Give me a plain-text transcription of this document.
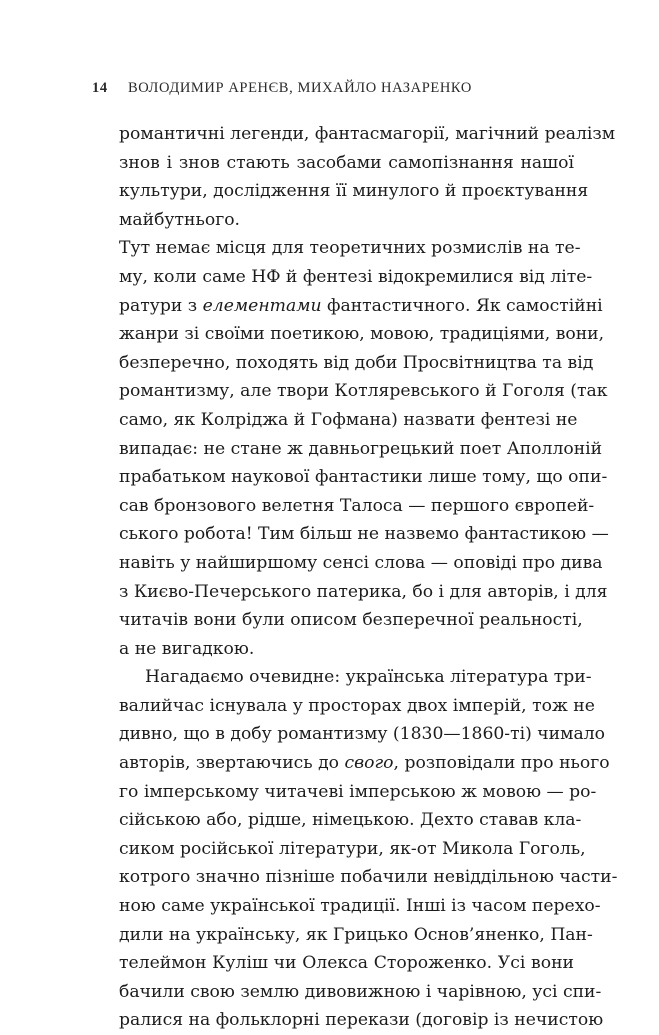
14 ВОЛОДИМИР АРЕНЄВ, МИХАЙЛО НАЗАРЕНКО
романтичні легенди, фантасмагорії, магічний реалізм
знов і знов стають засобами самопізнання нашої
культури, дослідження її минулого й проєктування
майбутнього.
Тут немає місця для теоретичних розмислів на те-
му, коли саме НФ й фентезі відокремилися від літе-
ратури з елементами фантастичного. Як самостійні
жанри зі своїми поетикою, мовою, традиціями, вони,
безперечно, походять від доби Просвітництва та від
романтизму, але твори Котляревського й Гоголя (так
само, як Колріджа й Гофмана) назвати фентезі не
випадає: не стане ж давньогрецький поет Аполлоній
прабатьком наукової фантастики лише тому, що опи-
сав бронзового велетня Талоса — першого європей-
ського робота! Тим більш не назвемо фантастикою —
навіть у найширшому сенсі слова — оповіді про дива
з Києво-Печерського патерика, бо і для авторів, і для
читачів вони були описом безперечної реальності,
а не вигадкою.
Нагадаємо очевидне: українська література три-
валийчас існувала у просторах двох імперій, тож не
дивно, що в добу романтизму (1830—1860-ті) чимало
авторів, звертаючись до свого, розповідали про нього
го імперському читачеві імперською ж мовою — ро-
сійською або, рідше, німецькою. Дехто ставав кла-
сиком російської літератури, як-от Микола Гоголь,
котрого значно пізніше побачили невіддільною части-
ною саме української традиції. Інші із часом перехо-
дили на українську, як Грицько Основ’яненко, Пан-
телеймон Куліш чи Олекса Стороженко. Усі вони
бачили свою землю дивовижною і чарівною, усі спи-
ралися на фольклорні перекази (договір із нечистою
